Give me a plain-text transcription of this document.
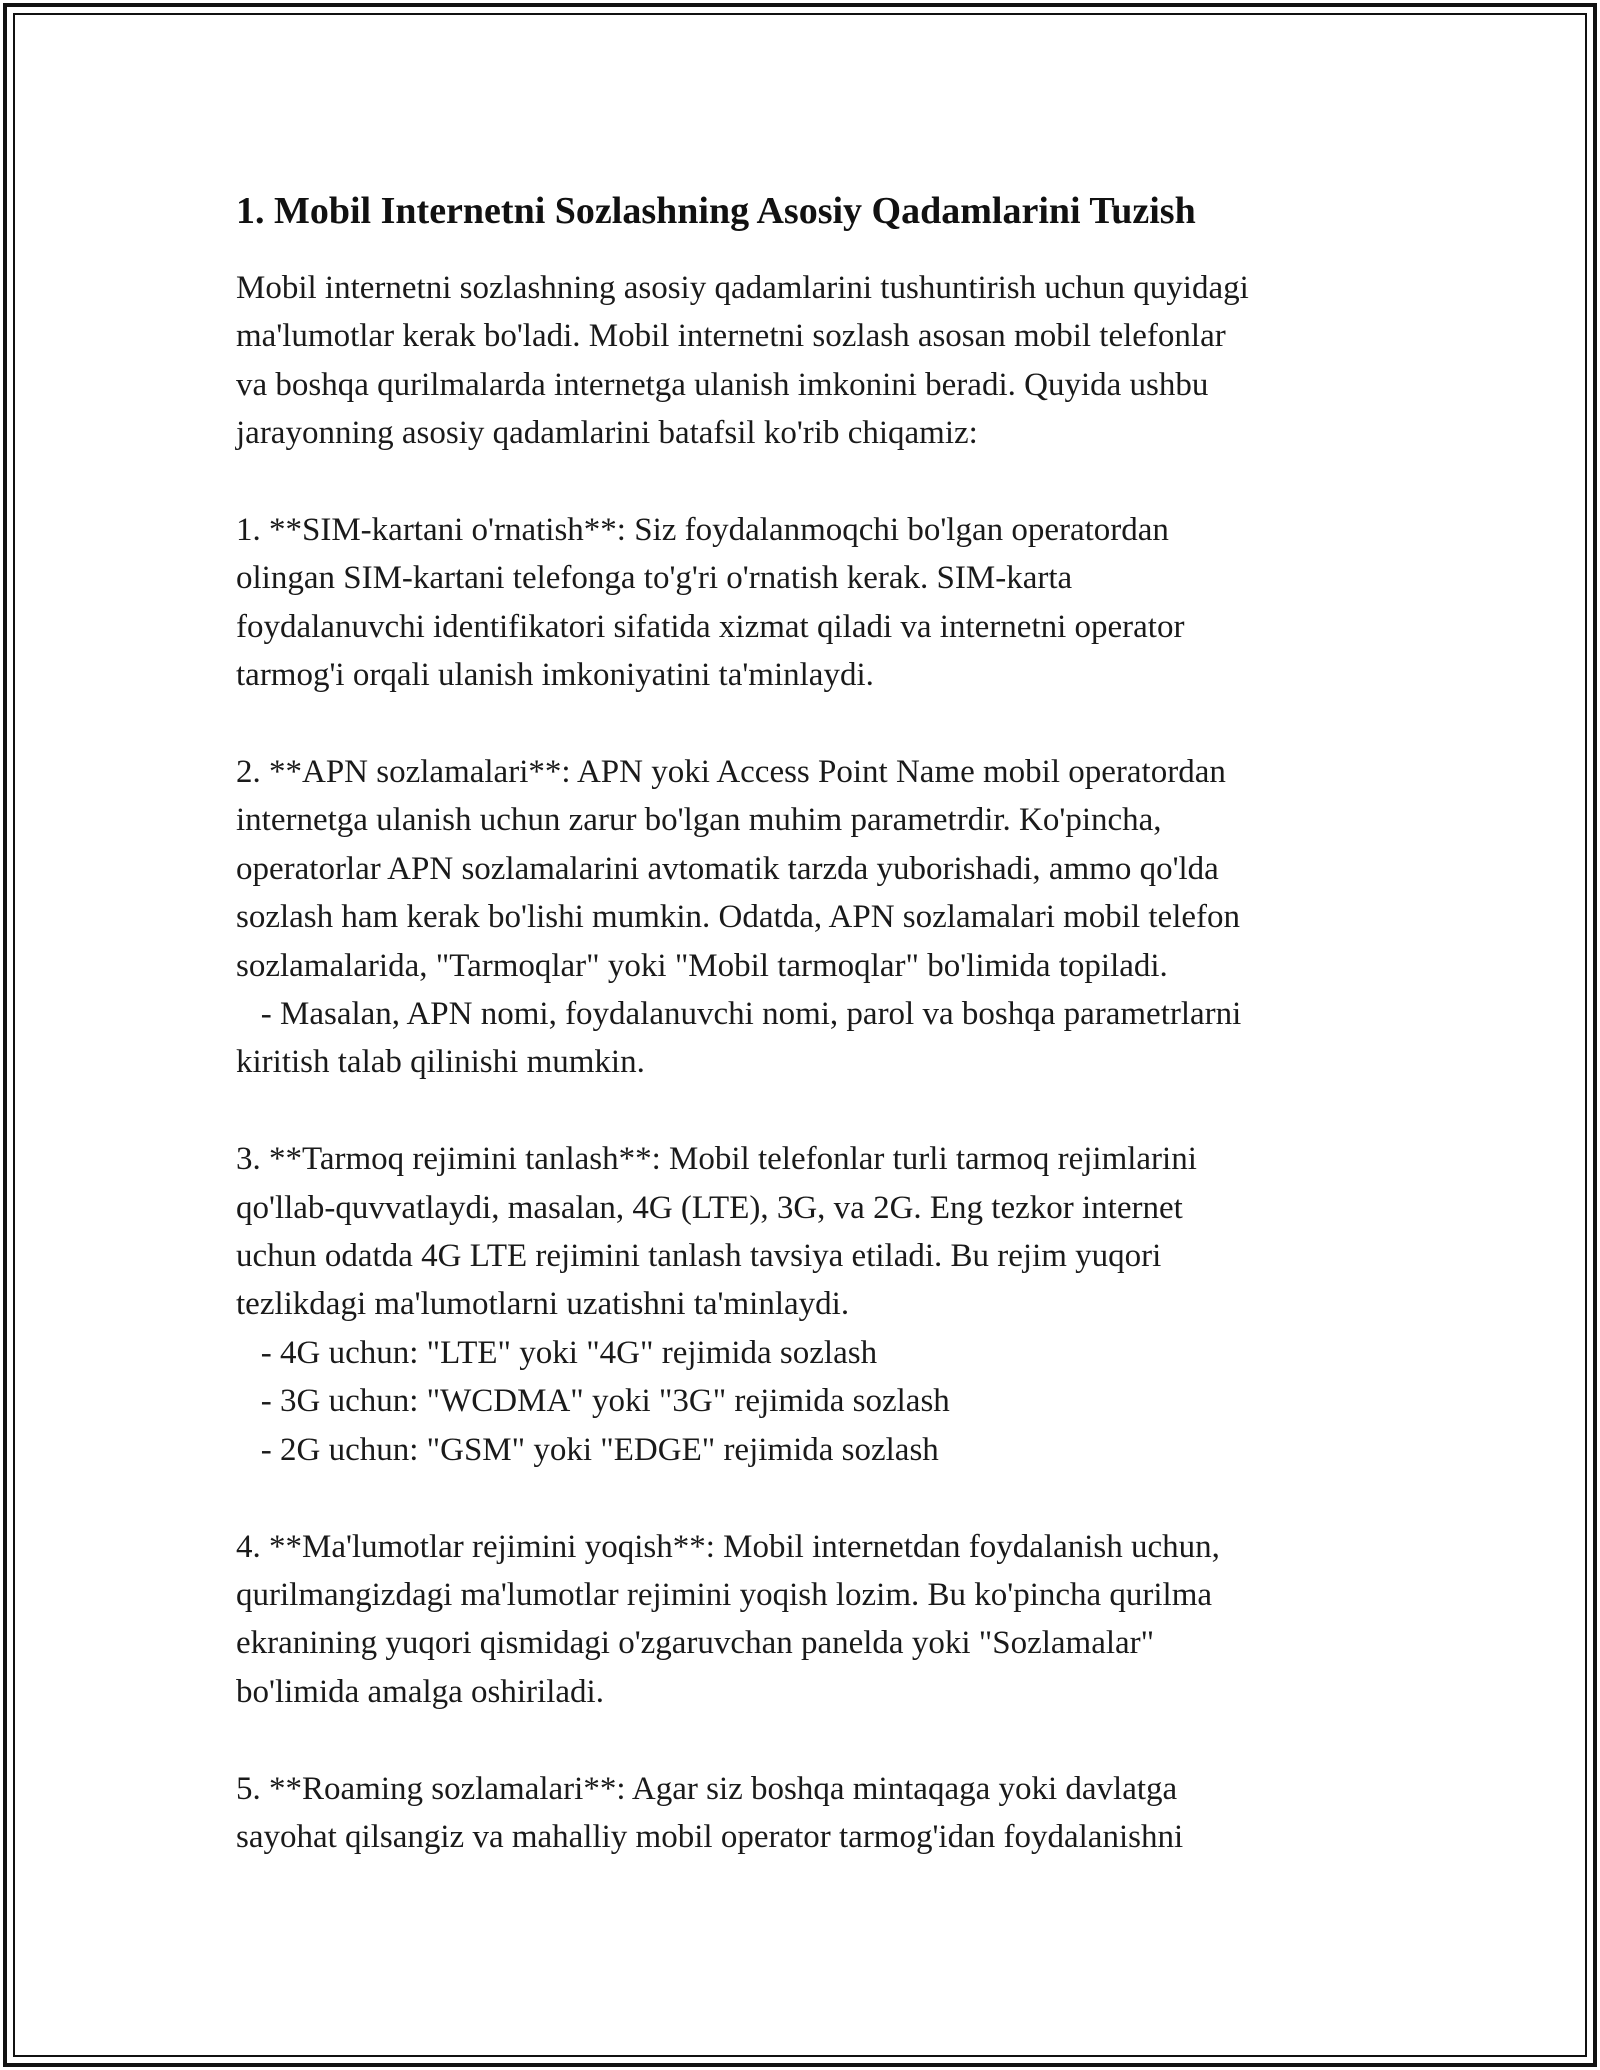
1. Mobil Internetni Sozlashning Asosiy Qadamlarini Tuzish

Mobil internetni sozlashning asosiy qadamlarini tushuntirish uchun quyidagi
ma'lumotlar kerak bo'ladi. Mobil internetni sozlash asosan mobil telefonlar
va boshqa qurilmalarda internetga ulanish imkonini beradi. Quyida ushbu
jarayonning asosiy qadamlarini batafsil ko'rib chiqamiz:

1. **SIM-kartani o'rnatish**: Siz foydalanmoqchi bo'lgan operatordan
olingan SIM-kartani telefonga to'g'ri o'rnatish kerak. SIM-karta
foydalanuvchi identifikatori sifatida xizmat qiladi va internetni operator
tarmog'i orqali ulanish imkoniyatini ta'minlaydi.

2. **APN sozlamalari**: APN yoki Access Point Name mobil operatordan
internetga ulanish uchun zarur bo'lgan muhim parametrdir. Ko'pincha,
operatorlar APN sozlamalarini avtomatik tarzda yuborishadi, ammo qo'lda
sozlash ham kerak bo'lishi mumkin. Odatda, APN sozlamalari mobil telefon
sozlamalarida, "Tarmoqlar" yoki "Mobil tarmoqlar" bo'limida topiladi.
- Masalan, APN nomi, foydalanuvchi nomi, parol va boshqa parametrlarni
kiritish talab qilinishi mumkin.

3. **Tarmoq rejimini tanlash**: Mobil telefonlar turli tarmoq rejimlarini
qo'llab-quvvatlaydi, masalan, 4G (LTE), 3G, va 2G. Eng tezkor internet
uchun odatda 4G LTE rejimini tanlash tavsiya etiladi. Bu rejim yuqori
tezlikdagi ma'lumotlarni uzatishni ta'minlaydi.
- 4G uchun: "LTE" yoki "4G" rejimida sozlash
- 3G uchun: "WCDMA" yoki "3G" rejimida sozlash
- 2G uchun: "GSM" yoki "EDGE" rejimida sozlash

4. **Ma'lumotlar rejimini yoqish**: Mobil internetdan foydalanish uchun,
qurilmangizdagi ma'lumotlar rejimini yoqish lozim. Bu ko'pincha qurilma
ekranining yuqori qismidagi o'zgaruvchan panelda yoki "Sozlamalar"
bo'limida amalga oshiriladi.

5. **Roaming sozlamalari**: Agar siz boshqa mintaqaga yoki davlatga
sayohat qilsangiz va mahalliy mobil operator tarmog'idan foydalanishni
